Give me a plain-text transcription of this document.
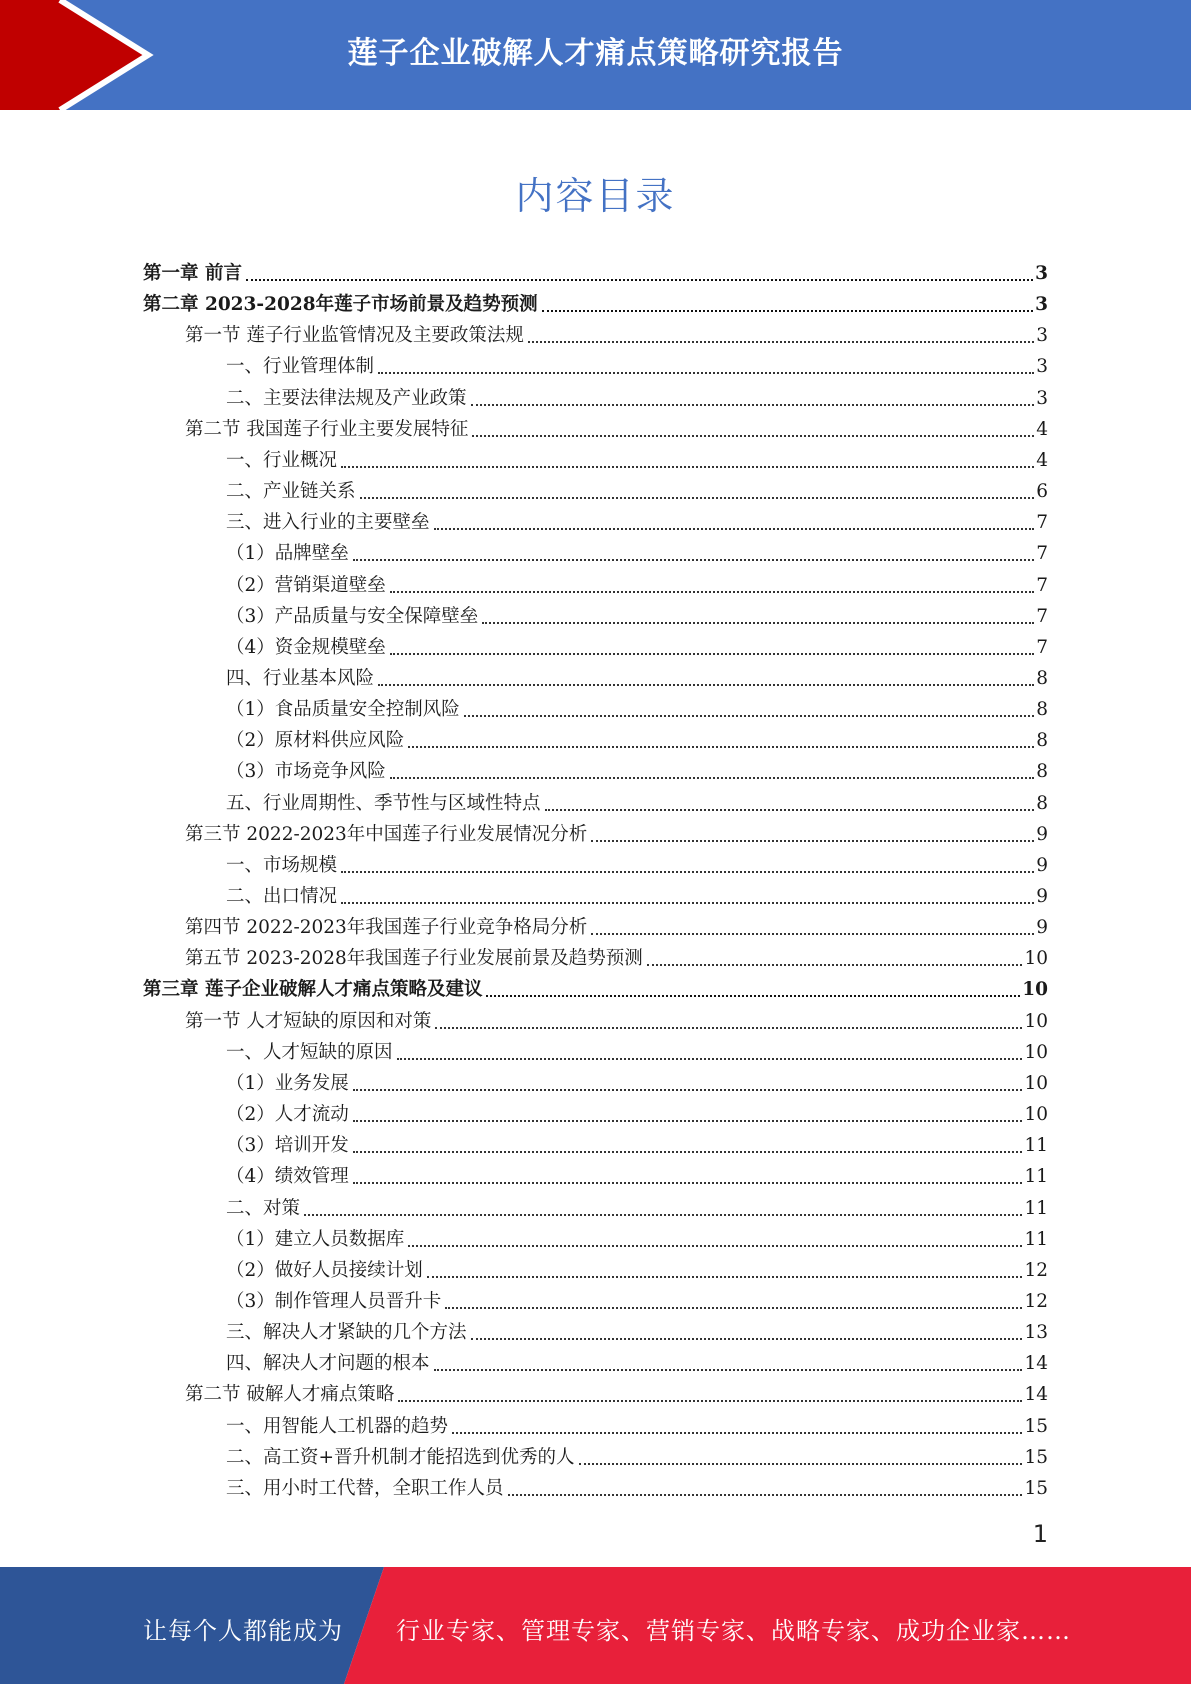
莲子企业破解人才痛点策略研究报告
内容目录
第一章 前言	3
第二章 2023-2028年莲子市场前景及趋势预测	3
第一节 莲子行业监管情况及主要政策法规	3
一、行业管理体制	3
二、主要法律法规及产业政策	3
第二节 我国莲子行业主要发展特征	4
一、行业概况	4
二、产业链关系	6
三、进入行业的主要壁垒	7
（1）品牌壁垒	7
（2）营销渠道壁垒	7
（3）产品质量与安全保障壁垒	7
（4）资金规模壁垒	7
四、行业基本风险	8
（1）食品质量安全控制风险	8
（2）原材料供应风险	8
（3）市场竞争风险	8
五、行业周期性、季节性与区域性特点	8
第三节 2022-2023年中国莲子行业发展情况分析	9
一、市场规模	9
二、出口情况	9
第四节 2022-2023年我国莲子行业竞争格局分析	9
第五节 2023-2028年我国莲子行业发展前景及趋势预测	10
第三章 莲子企业破解人才痛点策略及建议	10
第一节 人才短缺的原因和对策	10
一、人才短缺的原因	10
（1）业务发展	10
（2）人才流动	10
（3）培训开发	11
（4）绩效管理	11
二、对策	11
（1）建立人员数据库	11
（2）做好人员接续计划	12
（3）制作管理人员晋升卡	12
三、解决人才紧缺的几个方法	13
四、解决人才问题的根本	14
第二节 破解人才痛点策略	14
一、用智能人工机器的趋势	15
二、高工资+晋升机制才能招选到优秀的人	15
三、用小时工代替，全职工作人员	15
1
让每个人都能成为 行业专家、管理专家、营销专家、战略专家、成功企业家……
